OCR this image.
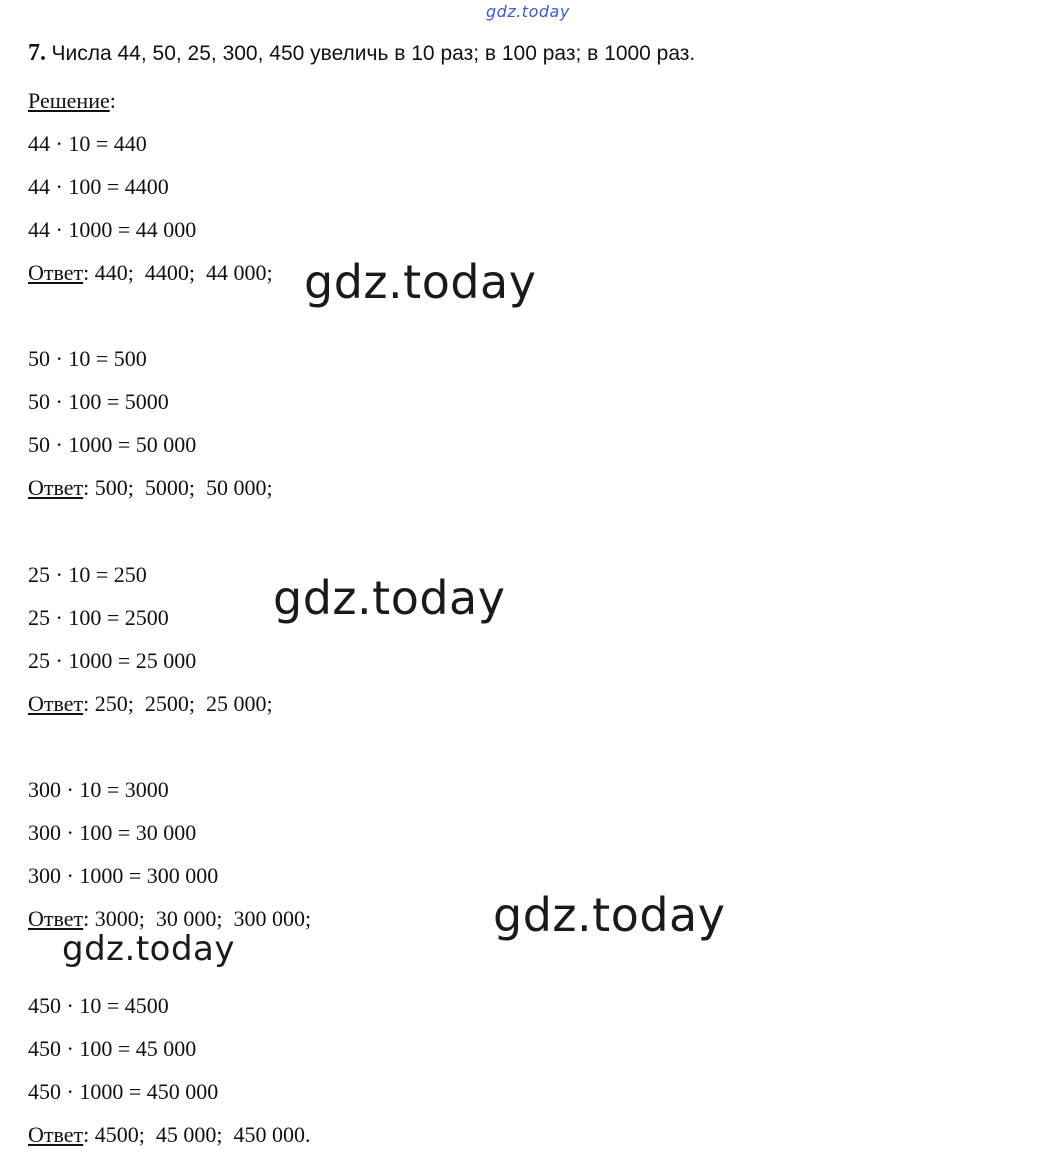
gdz.today
7. Числа 44, 50, 25, 300, 450 увеличь в 10 раз; в 100 раз; в 1000 раз.
Решение:
44 · 10 = 440
44 · 100 = 4400
44 · 1000 = 44 000
Ответ: 440;  4400;  44 000;
50 · 10 = 500
50 · 100 = 5000
50 · 1000 = 50 000
Ответ: 500;  5000;  50 000;
25 · 10 = 250
25 · 100 = 2500
25 · 1000 = 25 000
Ответ: 250;  2500;  25 000;
300 · 10 = 3000
300 · 100 = 30 000
300 · 1000 = 300 000
Ответ: 3000;  30 000;  300 000;
450 · 10 = 4500
450 · 100 = 45 000
450 · 1000 = 450 000
Ответ: 4500;  45 000;  450 000.
gdz.today
gdz.today
gdz.today
gdz.today
